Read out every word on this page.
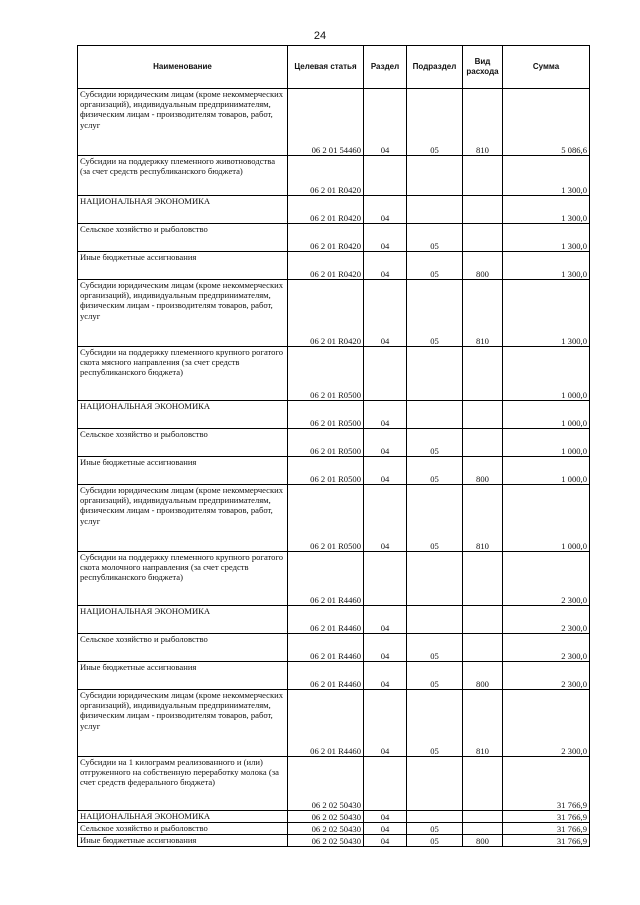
24
Наименование	Целевая статья	Раздел	Подраздел	Вид расхода	Сумма
Субсидии юридическим лицам (кроме некоммерческих организаций), индивидуальным предпринимателям, физическим лицам - производителям товаров, работ, услуг	06 2 01 54460	04	05	810	5 086,6
Субсидии на поддержку племенного животноводства (за счет средств республиканского бюджета)	06 2 01 R0420				1 300,0
НАЦИОНАЛЬНАЯ ЭКОНОМИКА	06 2 01 R0420	04			1 300,0
Сельское хозяйство и рыболовство	06 2 01 R0420	04	05		1 300,0
Иные бюджетные ассигнования	06 2 01 R0420	04	05	800	1 300,0
Субсидии юридическим лицам (кроме некоммерческих организаций), индивидуальным предпринимателям, физическим лицам - производителям товаров, работ, услуг	06 2 01 R0420	04	05	810	1 300,0
Субсидии на поддержку племенного крупного рогатого скота мясного направления (за счет средств республиканского бюджета)	06 2 01 R0500				1 000,0
НАЦИОНАЛЬНАЯ ЭКОНОМИКА	06 2 01 R0500	04			1 000,0
Сельское хозяйство и рыболовство	06 2 01 R0500	04	05		1 000,0
Иные бюджетные ассигнования	06 2 01 R0500	04	05	800	1 000,0
Субсидии юридическим лицам (кроме некоммерческих организаций), индивидуальным предпринимателям, физическим лицам - производителям товаров, работ, услуг	06 2 01 R0500	04	05	810	1 000,0
Субсидии на поддержку племенного крупного рогатого скота молочного направления (за счет средств республиканского бюджета)	06 2 01 R4460				2 300,0
НАЦИОНАЛЬНАЯ ЭКОНОМИКА	06 2 01 R4460	04			2 300,0
Сельское хозяйство и рыболовство	06 2 01 R4460	04	05		2 300,0
Иные бюджетные ассигнования	06 2 01 R4460	04	05	800	2 300,0
Субсидии юридическим лицам (кроме некоммерческих организаций), индивидуальным предпринимателям, физическим лицам - производителям товаров, работ, услуг	06 2 01 R4460	04	05	810	2 300,0
Субсидии на 1 килограмм реализованного и (или) отгруженного на собственную переработку молока (за счет средств федерального бюджета)	06 2 02 50430				31 766,9
НАЦИОНАЛЬНАЯ ЭКОНОМИКА	06 2 02 50430	04			31 766,9
Сельское хозяйство и рыболовство	06 2 02 50430	04	05		31 766,9
Иные бюджетные ассигнования	06 2 02 50430	04	05	800	31 766,9
